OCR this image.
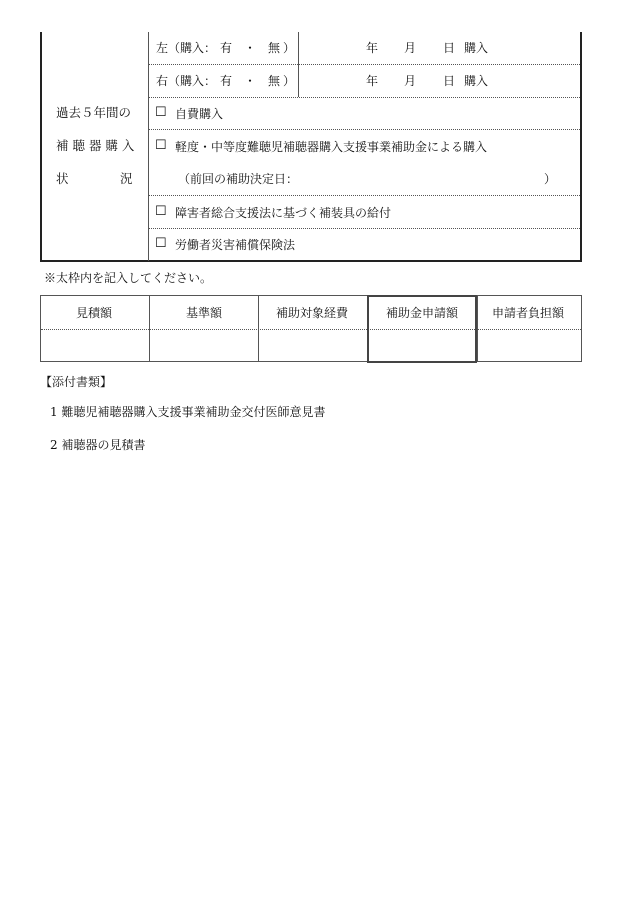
過去５年間の
補 聴 器 購 入
状	況
左（購入： 有 ・ 無 ）	年 月 日 購入
右（購入： 有 ・ 無 ）	年 月 日 購入
☐ 自費購入
☐ 軽度・中等度難聴児補聴器購入支援事業補助金による購入
（前回の補助決定日：	）
☐ 障害者総合支援法に基づく補装具の給付
☐ 労働者災害補償保険法
※太枠内を記入してください。
見積額	基準額	補助対象経費	補助金申請額	申請者負担額
【添付書類】
1 難聴児補聴器購入支援事業補助金交付医師意見書
2 補聴器の見積書
